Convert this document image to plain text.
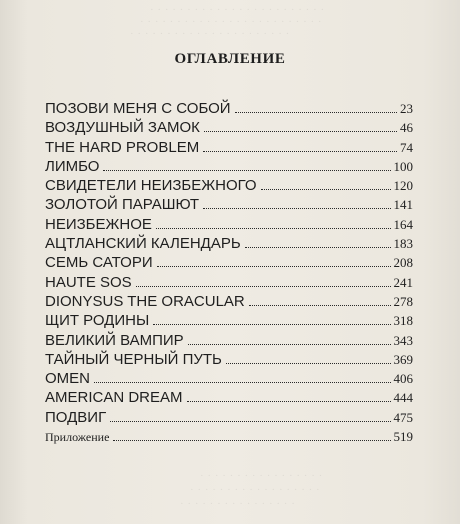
· · · · · · · · · · · · · · · · · · · · · · · ·
· · · · · · · · · · · · · · · · · · · · · · · · ·
· · · · · · · · · · · · · · · · · · · · · ·
· · · · · · · · · · · · · · · · ·
· · · · · · · · · · · · · · · · · ·
· · · · · · · · · · · · · · · ·
ОГЛАВЛЕНИЕ
ПОЗОВИ МЕНЯ С СОБОЙ	23
ВОЗДУШНЫЙ ЗАМОК	46
THE HARD PROBLEM	74
ЛИМБО	100
СВИДЕТЕЛИ НЕИЗБЕЖНОГО	120
ЗОЛОТОЙ ПАРАШЮТ	141
НЕИЗБЕЖНОЕ	164
АЦТЛАНСКИЙ КАЛЕНДАРЬ	183
СЕМЬ САТОРИ	208
HAUTE SOS	241
DIONYSUS THE ORACULAR	278
ЩИТ РОДИНЫ	318
ВЕЛИКИЙ ВАМПИР	343
ТАЙНЫЙ ЧЕРНЫЙ ПУТЬ	369
OMEN	406
AMERICAN DREAM	444
ПОДВИГ	475
Приложение	519
